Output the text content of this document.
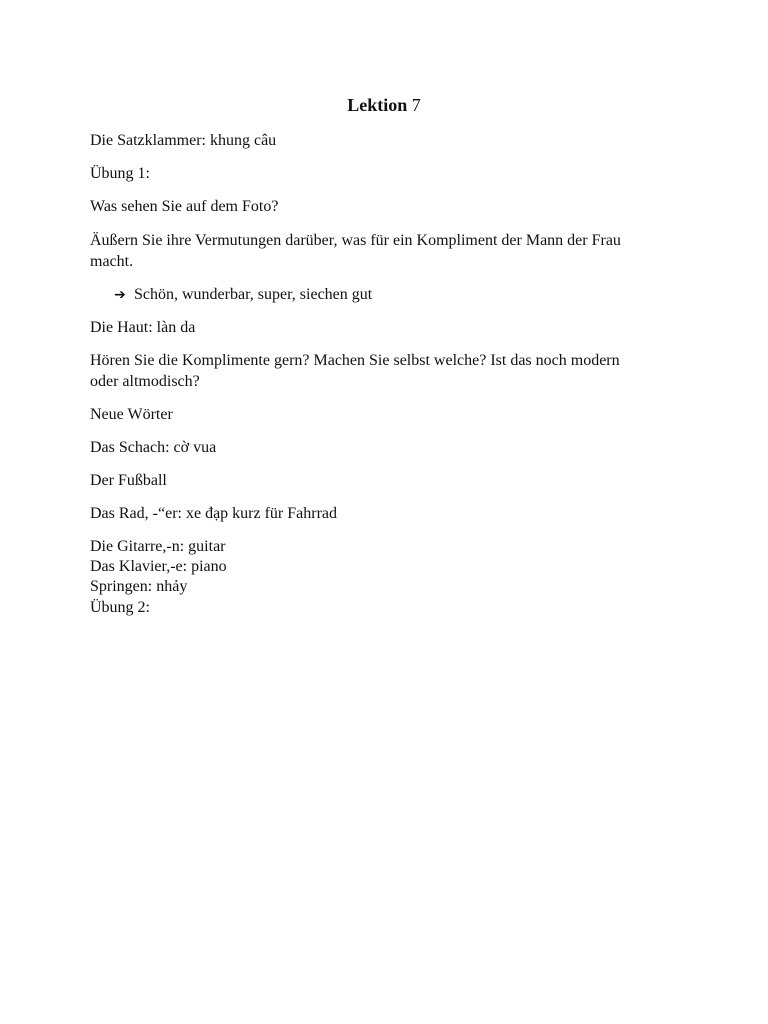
Lektion 7
Die Satzklammer: khung câu
Übung 1:
Was sehen Sie auf dem Foto?
Äußern Sie ihre Vermutungen darüber, was für ein Kompliment der Mann der Frau
macht.
➔ Schön, wunderbar, super, siechen gut
Die Haut: làn da
Hören Sie die Komplimente gern? Machen Sie selbst welche? Ist das noch modern
oder altmodisch?
Neue Wörter
Das Schach: cờ vua
Der Fußball
Das Rad, -“er: xe đạp kurz für Fahrrad
Die Gitarre,-n: guitar
Das Klavier,-e: piano
Springen: nhảy
Übung 2:
